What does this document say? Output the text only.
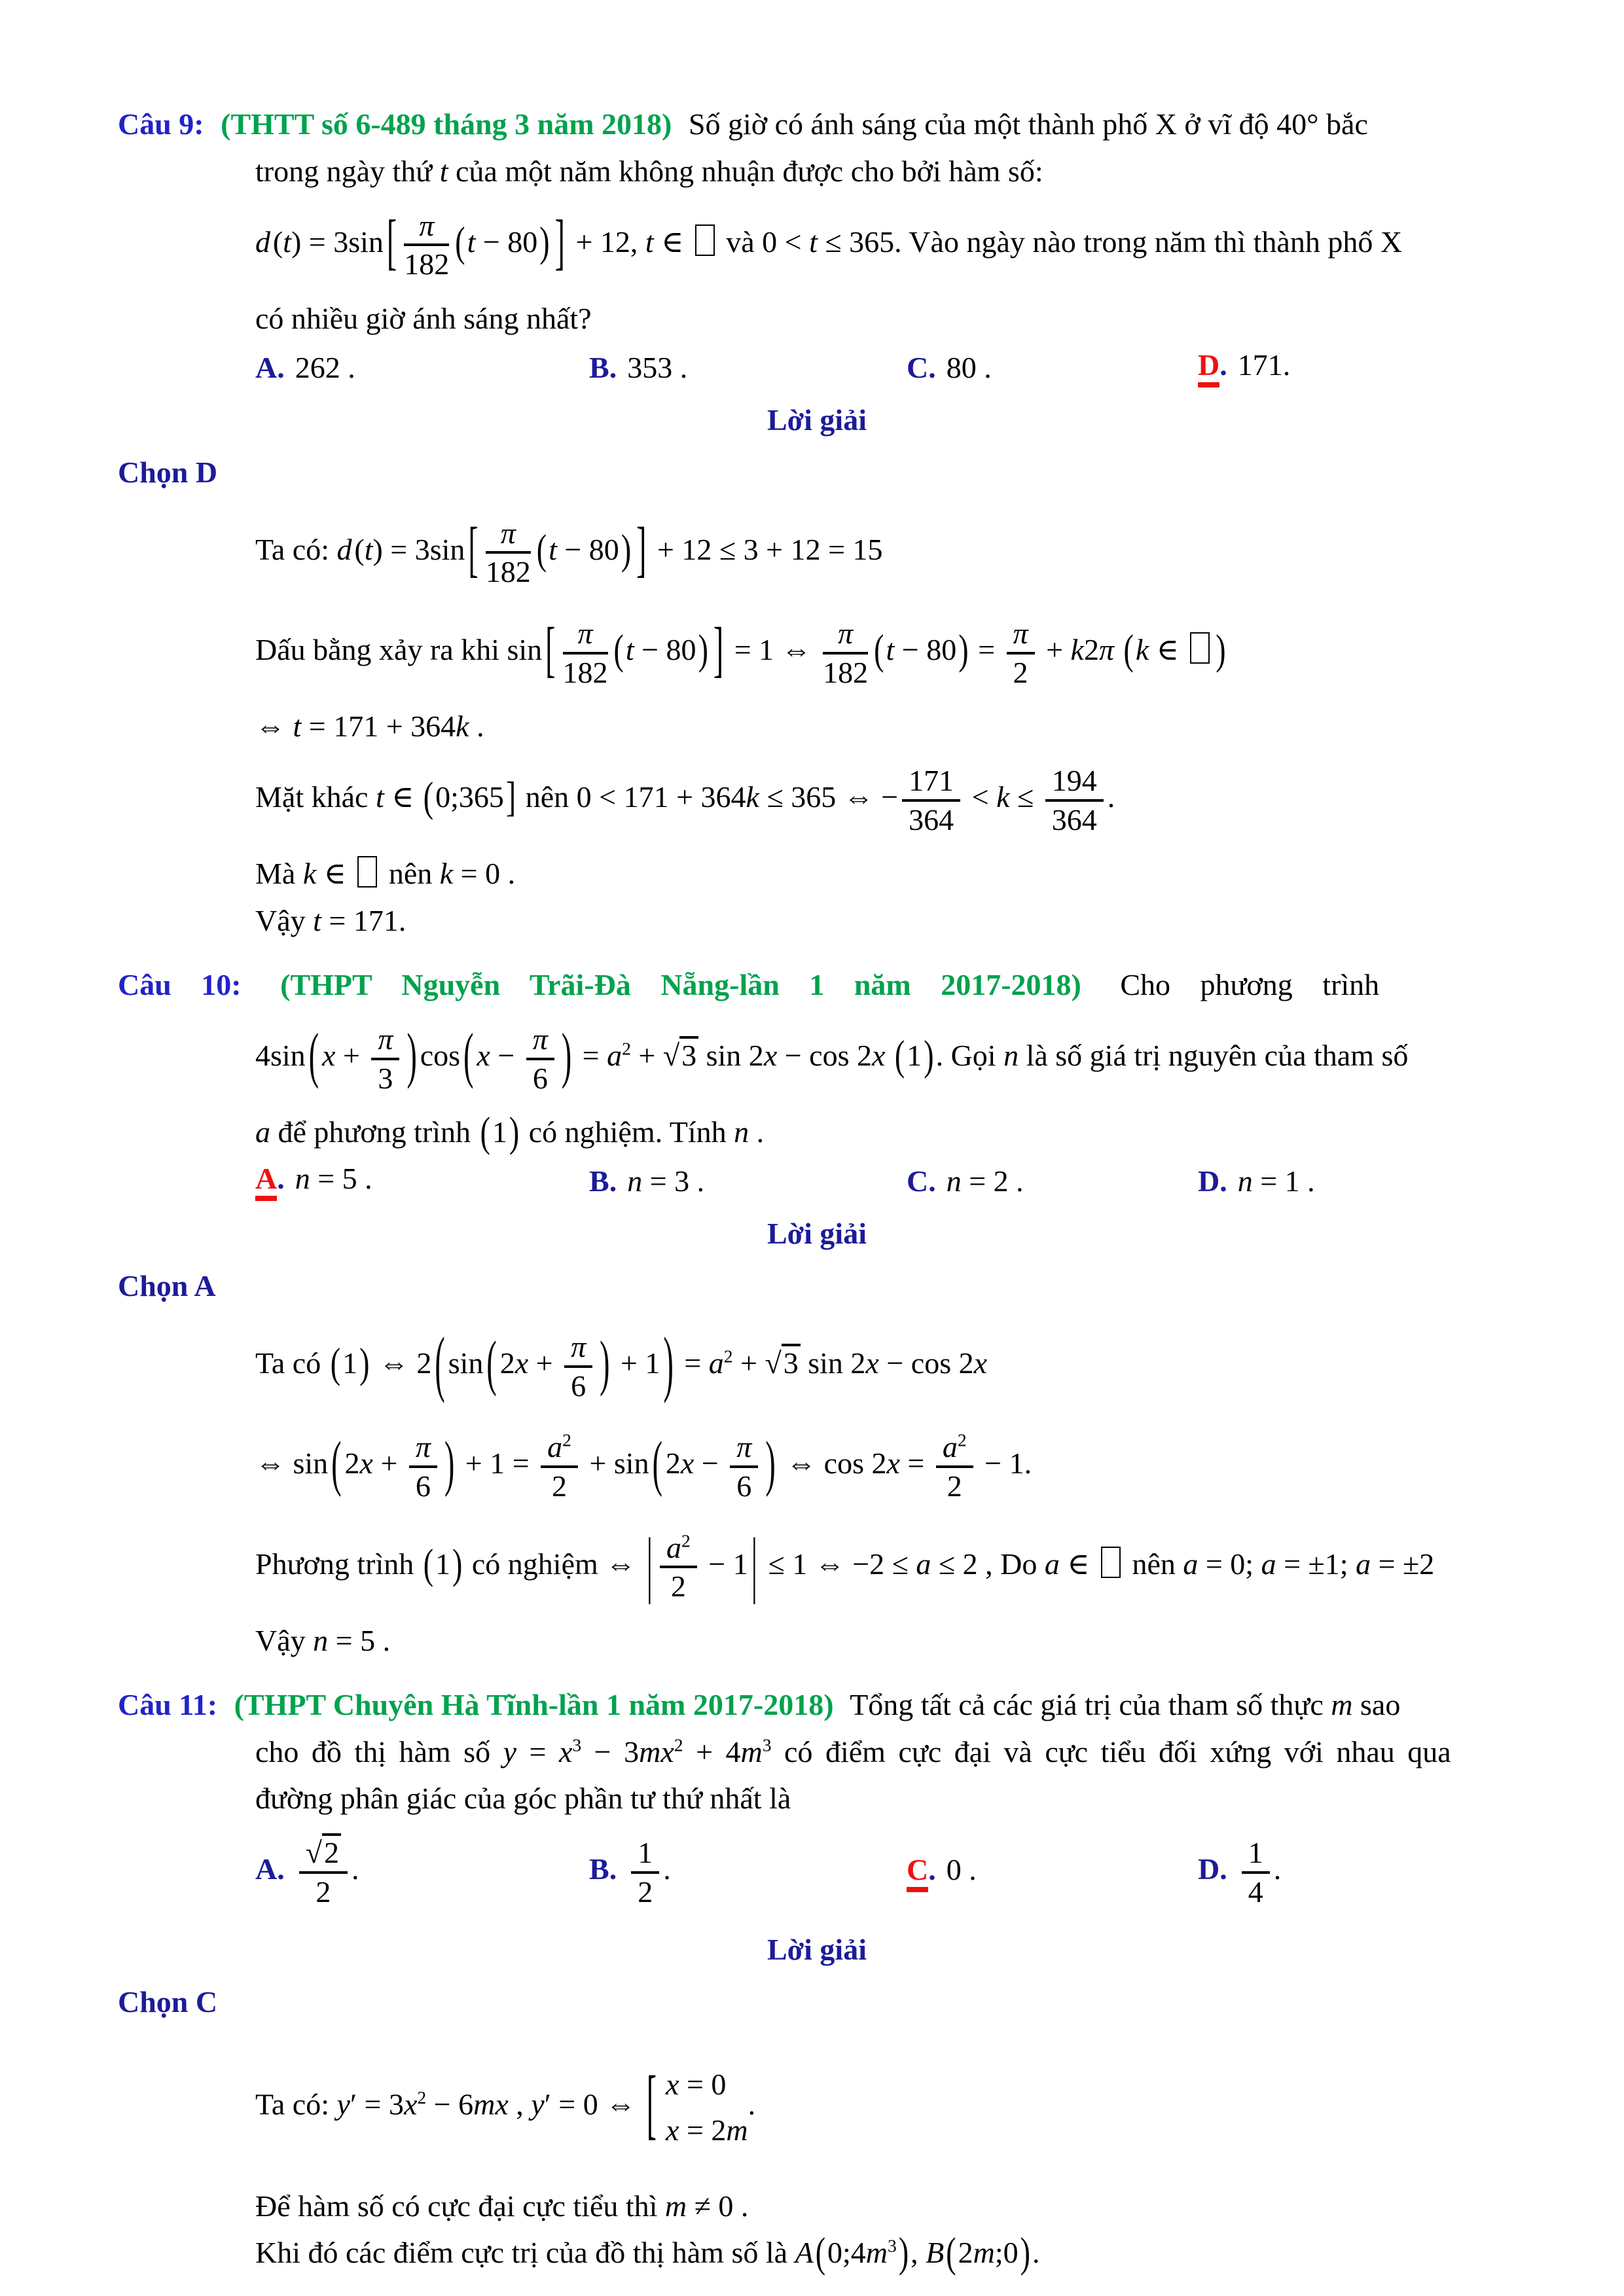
Câu 9: (THTT số 6-489 tháng 3 năm 2018) Số giờ có ánh sáng của một thành phố X ở vĩ độ 40° bắc
trong ngày thứ t của một năm không nhuận được cho bởi hàm số:
d (t) = 3sin [ $\frac{\pi}{182} (t - 80)$ ] + 12, t ∈  và 0 < t ≤ 365. Vào ngày nào trong năm thì thành phố X
có nhiều giờ ánh sáng nhất?
A. 262 .	B. 353 .	C. 80 .	D. 171.
Lời giải
Chọn D
Ta có: d (t) = 3sin [ $\frac{\pi}{182} (t - 80)$ ] + 12 ≤ 3 + 12 = 15
Dấu bằng xảy ra khi sin [ $\frac{\pi}{182} (t - 80)$ ] = 1 ⇔ $\frac{\pi}{182} (t - 80) = \frac{\pi}{2} + k2\pi$ (k ∈ )
⇔ t = 171 + 364k .
Mặt khác t ∈ (0;365] nên 0 < 171 + 364k ≤ 365 ⇔ − $\frac{171}{364} < k \le \frac{194}{364}$ .
Mà k ∈  nên k = 0 .
Vậy t = 171.
Câu 10: (THPT Nguyễn Trãi-Đà Nẵng-lần 1 năm 2017-2018) Cho phương trình
4sin ( $x + \frac{\pi}{3}$ ) cos ( $x - \frac{\pi}{6}$ ) = $a^2 + √3$ sin 2x − cos 2x (1). Gọi n là số giá trị nguyên của tham số
a để phương trình (1) có nghiệm. Tính n .
A. n = 5 .	B. n = 3 .	C. n = 2 .	D. n = 1 .
Lời giải
Chọn A
Ta có (1) ⇔ 2 ( sin ( $2x + \frac{\pi}{6}$ ) + 1 ) = $a^2 + √3$ sin 2x − cos 2x
⇔ sin ( $2x + \frac{\pi}{6}$ ) + $1 = \frac{a^2}{2} + \sin$ ( $2x - \frac{\pi}{6}$ ) ⇔ $\cos 2x = \frac{a^2}{2} - 1$.
Phương trình (1) có nghiệm ⇔ | $\frac{a^2}{2} - 1$ | ≤ 1 ⇔ −2 ≤ a ≤ 2 , Do a ∈  nên a = 0; a = ±1; a = ±2
Vậy n = 5 .
Câu 11: (THPT Chuyên Hà Tĩnh-lần 1 năm 2017-2018) Tổng tất cả các giá trị của tham số thực m sao
cho đồ thị hàm số $y = x^3 - 3mx^2 + 4m^3$ có điểm cực đại và cực tiểu đối xứng với nhau qua
đường phân giác của góc phần tư thứ nhất là
A. $\frac{√2}{2}$ .	B. $\frac{1}{2}$ .	C. 0 .	D. $\frac{1}{4}$ .
Lời giải
Chọn C
Ta có: $y' = 3x^2 - 6mx$ , y′ = 0 ⇔ [ x = 0
x = 2m
.
Để hàm số có cực đại cực tiểu thì m ≠ 0 .
Khi đó các điểm cực trị của đồ thị hàm số là $A(0;4m^3)$, B(2m;0).
